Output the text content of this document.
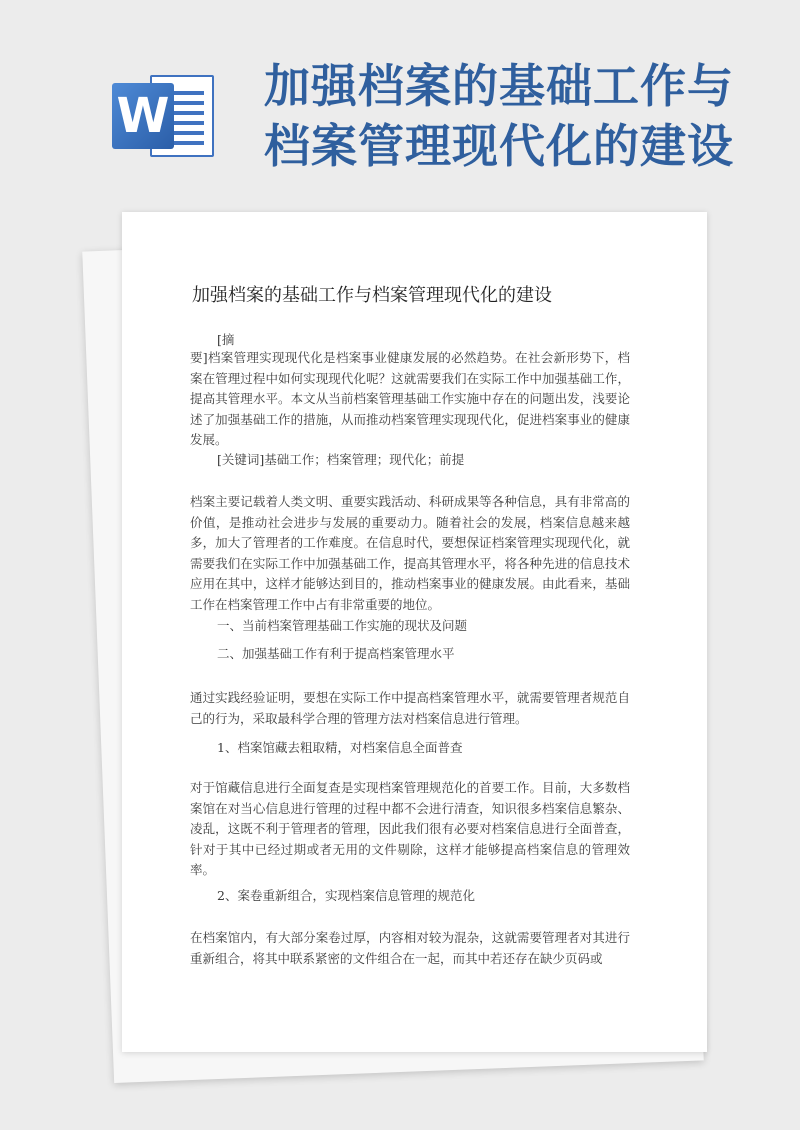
W
加强档案的基础工作与
档案管理现代化的建设
加强档案的基础工作与档案管理现代化的建设

[摘

要]档案管理实现现代化是档案事业健康发展的必然趋势。在社会新形势下，档案在管理过程中如何实现现代化呢？这就需要我们在实际工作中加强基础工作，提高其管理水平。本文从当前档案管理基础工作实施中存在的问题出发，浅要论述了加强基础工作的措施，从而推动档案管理实现现代化，促进档案事业的健康发展。

[关键词]基础工作；档案管理；现代化；前提

档案主要记载着人类文明、重要实践活动、科研成果等各种信息，具有非常高的价值，是推动社会进步与发展的重要动力。随着社会的发展，档案信息越来越多，加大了管理者的工作难度。在信息时代，要想保证档案管理实现现代化，就需要我们在实际工作中加强基础工作，提高其管理水平，将各种先进的信息技术应用在其中，这样才能够达到目的，推动档案事业的健康发展。由此看来，基础工作在档案管理工作中占有非常重要的地位。

一、当前档案管理基础工作实施的现状及问题

二、加强基础工作有利于提高档案管理水平

通过实践经验证明，要想在实际工作中提高档案管理水平，就需要管理者规范自己的行为，采取最科学合理的管理方法对档案信息进行管理。

1、档案馆藏去粗取精，对档案信息全面普查

对于馆藏信息进行全面复查是实现档案管理规范化的首要工作。目前，大多数档案馆在对当心信息进行管理的过程中都不会进行清查，知识很多档案信息繁杂、凌乱，这既不利于管理者的管理，因此我们很有必要对档案信息进行全面普查，针对于其中已经过期或者无用的文件剔除，这样才能够提高档案信息的管理效率。

2、案卷重新组合，实现档案信息管理的规范化

在档案馆内，有大部分案卷过厚，内容相对较为混杂，这就需要管理者对其进行重新组合，将其中联系紧密的文件组合在一起，而其中若还存在缺少页码或
